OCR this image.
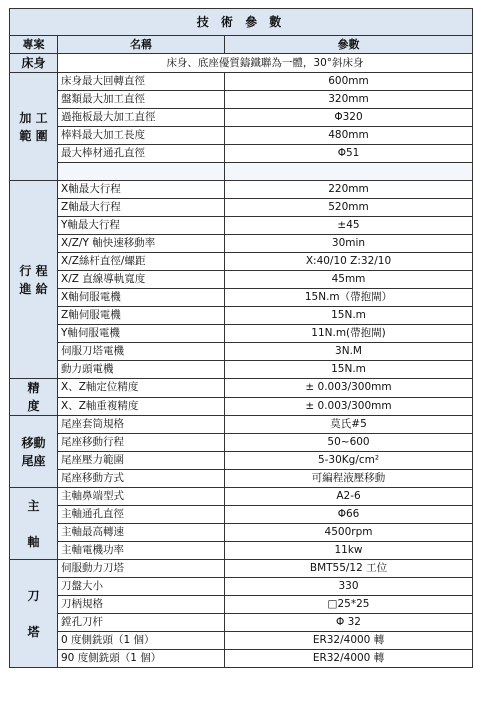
技 術 參 數		
專案	名稱	參數
床身	床身、底座優質鑄鐵聯為一體，30°斜床身	
加 工
範 圍	床身最大回轉直徑	600mm
	盤類最大加工直徑	320mm
	過拖板最大加工直徑	Φ320
	棒料最大加工長度	480mm
	最大棒材通孔直徑	Φ51

行 程
進 給	X軸最大行程	220mm
	Z軸最大行程	520mm
	Y軸最大行程	±45
	X/Z/Y 軸快速移動率	30min
	X/Z絲杆直徑/螺距	X:40/10 Z:32/10
	X/Z 直線導軌寬度	45mm
	X軸伺服電機	15N.m（帶抱閘）
	Z軸伺服電機	15N.m
	Y軸伺服電機	11N.m(帶抱閘)
	伺服刀塔電機	3N.M
	動力頭電機	15N.m
精
度	X、Z軸定位精度	± 0.003/300mm
	X、Z軸重複精度	± 0.003/300mm
移動
尾座	尾座套筒規格	莫氏#5
	尾座移動行程	50~600
	尾座壓力範圍	5-30Kg/cm²
	尾座移動方式	可編程液壓移動
主

軸	主軸鼻端型式	A2-6
	主軸通孔直徑	Φ66
	主軸最高轉速	4500rpm
	主軸電機功率	11kw
刀

塔	伺服動力刀塔	BMT55/12 工位
	刀盤大小	330
	刀柄規格	□25*25
	鏜孔刀杆	Φ 32
	0 度側銑頭（1 個）	ER32/4000 轉
	90 度側銑頭（1 個）	ER32/4000 轉
